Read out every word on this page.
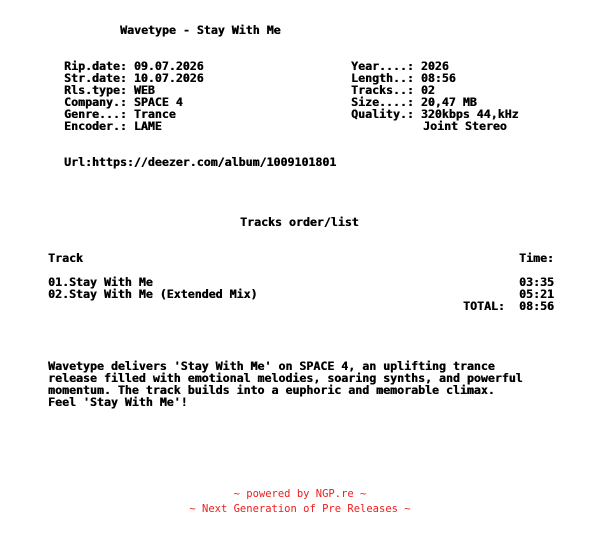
Wavetype - Stay With Me
Rip.date: 09.07.2026
Str.date: 10.07.2026
Rls.type: WEB
Company.: SPACE 4
Genre...: Trance
Encoder.: LAME
Year....: 2026
Length..: 08:56
Tracks..: 02
Size....: 20,47 MB
Quality.: 320kbps 44,kHz
Joint Stereo
Url:https://deezer.com/album/1009101801
Tracks order/list
Track	Time:
01.Stay With Me	03:35
02.Stay With Me (Extended Mix)	05:21
TOTAL: 08:56
Wavetype delivers 'Stay With Me' on SPACE 4, an uplifting trance
release filled with emotional melodies, soaring synths, and powerful
momentum. The track builds into a euphoric and memorable climax.
Feel 'Stay With Me'!
~ powered by NGP.re ~
~ Next Generation of Pre Releases ~
